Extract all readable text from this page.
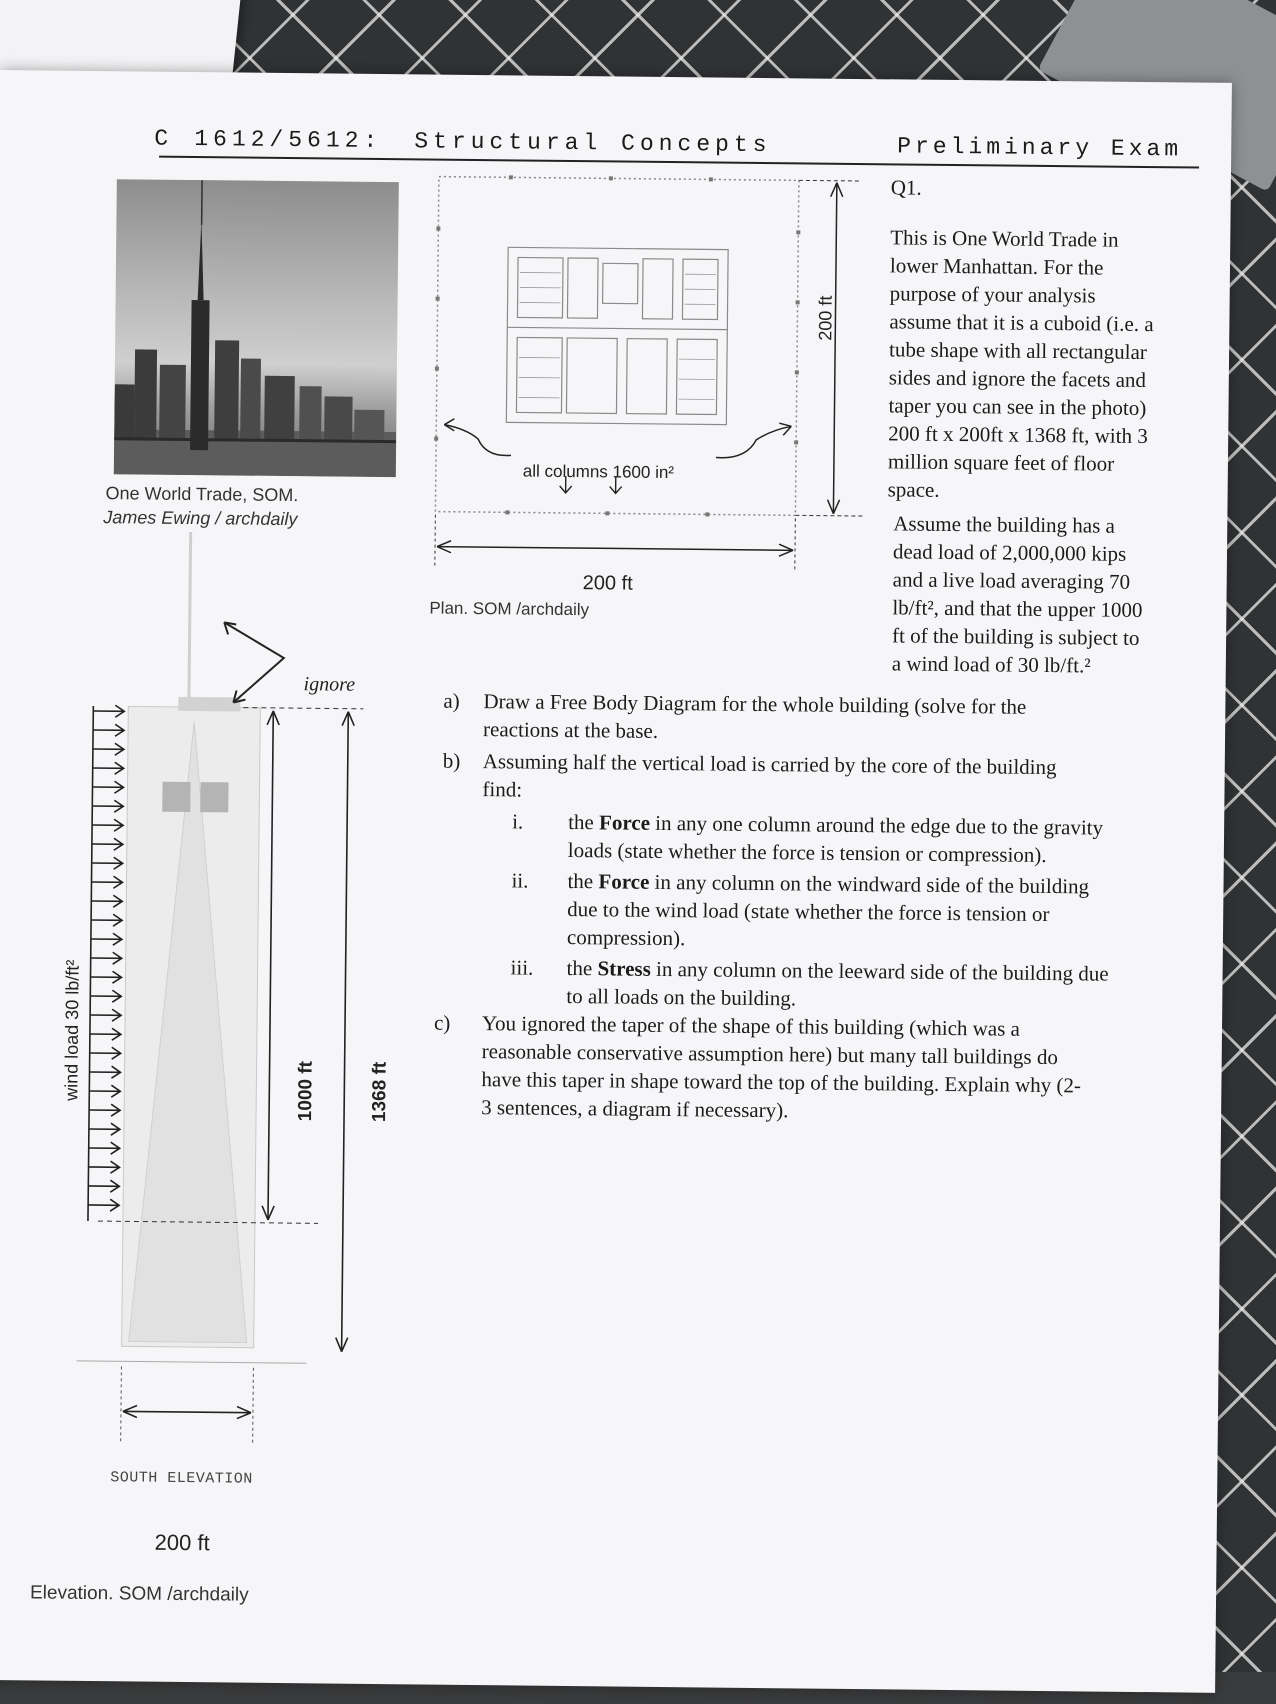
C 1612/5612: Structural Concepts	Preliminary Exam
One World Trade, SOM.
James Ewing / archdaily
all columns 1600 in²
200 ft
200 ft
Plan. SOM /archdaily
ignore
wind load 30 lb/ft²	1000 ft	1368 ft
SOUTH ELEVATION
200 ft
Elevation. SOM /archdaily
Q1.
This is One World Trade in
lower Manhattan. For the
purpose of your analysis
assume that it is a cuboid (i.e. a
tube shape with all rectangular
sides and ignore the facets and
taper you can see in the photo)
200 ft x 200ft x 1368 ft, with 3
million square feet of floor
space.
Assume the building has a
dead load of 2,000,000 kips
and a live load averaging 70
lb/ft², and that the upper 1000
ft of the building is subject to
a wind load of 30 lb/ft.²
a) Draw a Free Body Diagram for the whole building (solve for the
reactions at the base.
b) Assuming half the vertical load is carried by the core of the building
find:
i. the Force in any one column around the edge due to the gravity
loads (state whether the force is tension or compression).
ii. the Force in any column on the windward side of the building
due to the wind load (state whether the force is tension or
compression).
iii. the Stress in any column on the leeward side of the building due
to all loads on the building.
c) You ignored the taper of the shape of this building (which was a
reasonable conservative assumption here) but many tall buildings do
have this taper in shape toward the top of the building. Explain why (2-
3 sentences, a diagram if necessary).
